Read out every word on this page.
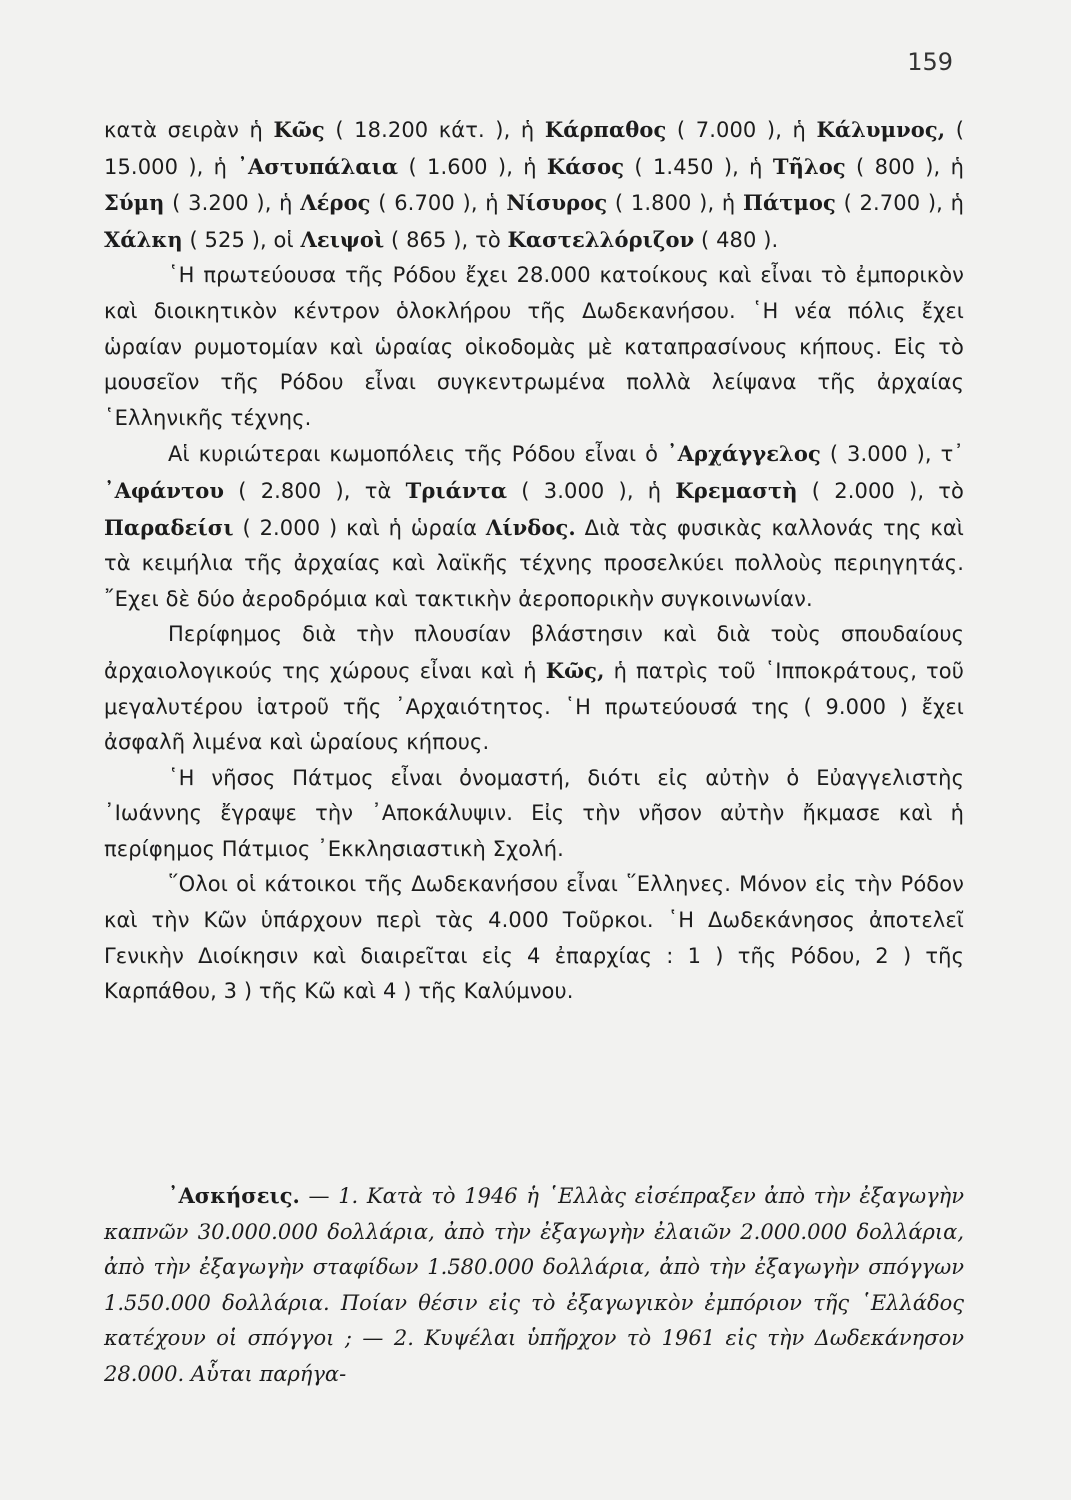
159

κατὰ σειρὰν ἡ Κῶς ( 18.200 κάτ. ), ἡ Κάρπαθος ( 7.000 ), ἡ Κάλυμνος, ( 15.000 ), ἡ ᾿Αστυπάλαια ( 1.600 ), ἡ Κάσος ( 1.450 ), ἡ Τῆλος ( 800 ), ἡ Σύμη ( 3.200 ), ἡ Λέρος ( 6.700 ), ἡ Νίσυρος ( 1.800 ), ἡ Πάτμος ( 2.700 ), ἡ Χάλκη ( 525 ), οἱ Λειψοὶ ( 865 ), τὸ Καστελλόριζον ( 480 ).

῾Η πρωτεύουσα τῆς Ρόδου ἔχει 28.000 κατοίκους καὶ εἶναι τὸ ἐμπορικὸν καὶ διοικητικὸν κέντρον ὁλοκλήρου τῆς Δωδεκανήσου. ῾Η νέα πόλις ἔχει ὡραίαν ρυμοτομίαν καὶ ὡραίας οἰκοδομὰς μὲ καταπρασίνους κήπους. Εἰς τὸ μουσεῖον τῆς Ρόδου εἶναι συγκεντρωμένα πολλὰ λείψανα τῆς ἀρχαίας ῾Ελληνικῆς τέχνης.

Αἱ κυριώτεραι κωμοπόλεις τῆς Ρόδου εἶναι ὁ ᾿Αρχάγγελος ( 3.000 ), τ᾿ ᾿Αφάντου ( 2.800 ), τὰ Τριάντα ( 3.000 ), ἡ Κρεμαστὴ ( 2.000 ), τὸ Παραδείσι ( 2.000 ) καὶ ἡ ὡραία Λίνδος. Διὰ τὰς φυσικὰς καλλονάς της καὶ τὰ κειμήλια τῆς ἀρχαίας καὶ λαϊκῆς τέχνης προσελκύει πολλοὺς περιηγητάς. ῎Εχει δὲ δύο ἀεροδρόμια καὶ τακτικὴν ἀεροπορικὴν συγκοινωνίαν.

Περίφημος διὰ τὴν πλουσίαν βλάστησιν καὶ διὰ τοὺς σπουδαίους ἀρχαιολογικούς της χώρους εἶναι καὶ ἡ Κῶς, ἡ πατρὶς τοῦ ῾Ιπποκράτους, τοῦ μεγαλυτέρου ἰατροῦ τῆς ᾿Αρχαιότητος. ῾Η πρωτεύουσά της ( 9.000 ) ἔχει ἀσφαλῆ λιμένα καὶ ὡραίους κήπους.

῾Η νῆσος Πάτμος εἶναι ὀνομαστή, διότι εἰς αὐτὴν ὁ Εὐαγγελιστὴς ᾿Ιωάννης ἔγραψε τὴν ᾿Αποκάλυψιν. Εἰς τὴν νῆσον αὐτὴν ἤκμασε καὶ ἡ περίφημος Πάτμιος ᾿Εκκλησιαστικὴ Σχολή.

῞Ολοι οἱ κάτοικοι τῆς Δωδεκανήσου εἶναι ῞Ελληνες. Μόνον εἰς τὴν Ρόδον καὶ τὴν Κῶν ὑπάρχουν περὶ τὰς 4.000 Τοῦρκοι. ῾Η Δωδεκάνησος ἀποτελεῖ Γενικὴν Διοίκησιν καὶ διαιρεῖται εἰς 4 ἐπαρχίας : 1 ) τῆς Ρόδου, 2 ) τῆς Καρπάθου, 3 ) τῆς Κῶ καὶ 4 ) τῆς Καλύμνου.

᾿Ασκήσεις. — 1. Κατὰ τὸ 1946 ἡ ῾Ελλὰς εἰσέπραξεν ἀπὸ τὴν ἐξαγωγὴν καπνῶν 30.000.000 δολλάρια, ἀπὸ τὴν ἐξαγωγὴν ἐλαιῶν 2.000.000 δολλάρια, ἀπὸ τὴν ἐξαγωγὴν σταφίδων 1.580.000 δολλάρια, ἀπὸ τὴν ἐξαγωγὴν σπόγγων 1.550.000 δολλάρια. Ποίαν θέσιν εἰς τὸ ἐξαγωγικὸν ἐμπόριον τῆς ῾Ελλάδος κατέχουν οἱ σπόγγοι ; — 2. Κυψέλαι ὑπῆρχον τὸ 1961 εἰς τὴν Δωδεκάνησον 28.000. Αὗται παρήγα-
